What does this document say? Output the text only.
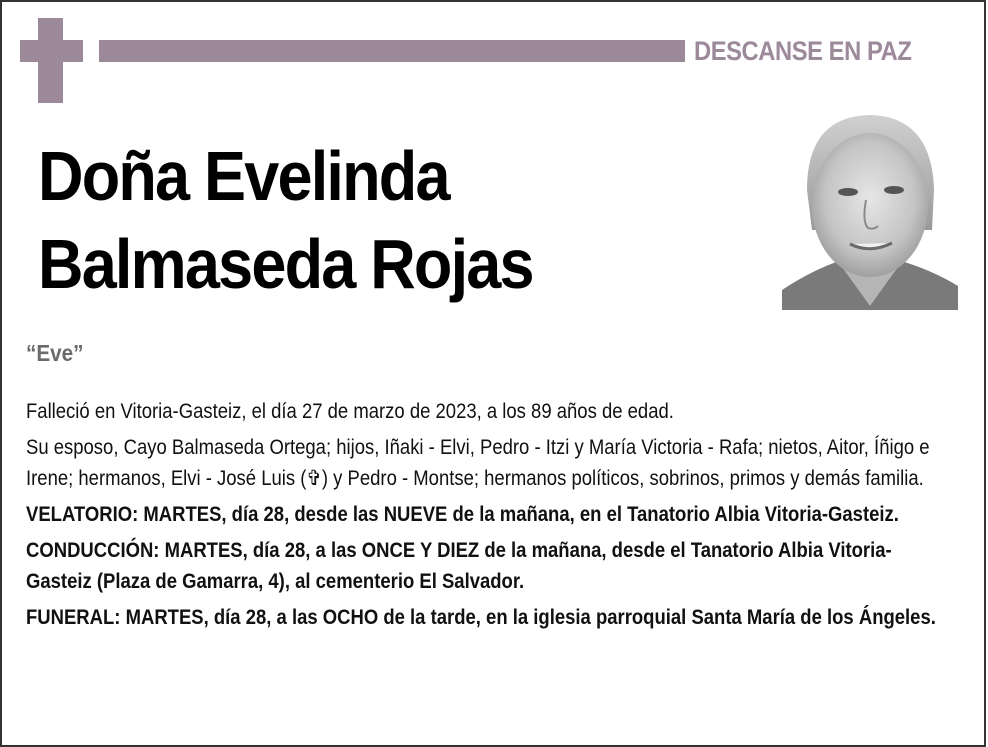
DESCANSE EN PAZ
Doña Evelinda
Balmaseda Rojas
“Eve”

Falleció en Vitoria-Gasteiz, el día 27 de marzo de 2023, a los 89 años de edad.

Su esposo, Cayo Balmaseda Ortega; hijos, Iñaki - Elvi, Pedro - Itzi y María Victoria - Rafa; nietos, Aitor, Íñigo e Irene; hermanos, Elvi - José Luis (✞) y Pedro - Montse; hermanos políticos, sobrinos, primos y demás familia.

VELATORIO: MARTES, día 28, desde las NUEVE de la mañana, en el Tanatorio Albia Vitoria-Gasteiz.

CONDUCCIÓN: MARTES, día 28, a las ONCE Y DIEZ de la mañana, desde el Tanatorio Albia Vitoria-Gasteiz (Plaza de Gamarra, 4), al cementerio El Salvador.

FUNERAL: MARTES, día 28, a las OCHO de la tarde, en la iglesia parroquial Santa María de los Ángeles.
